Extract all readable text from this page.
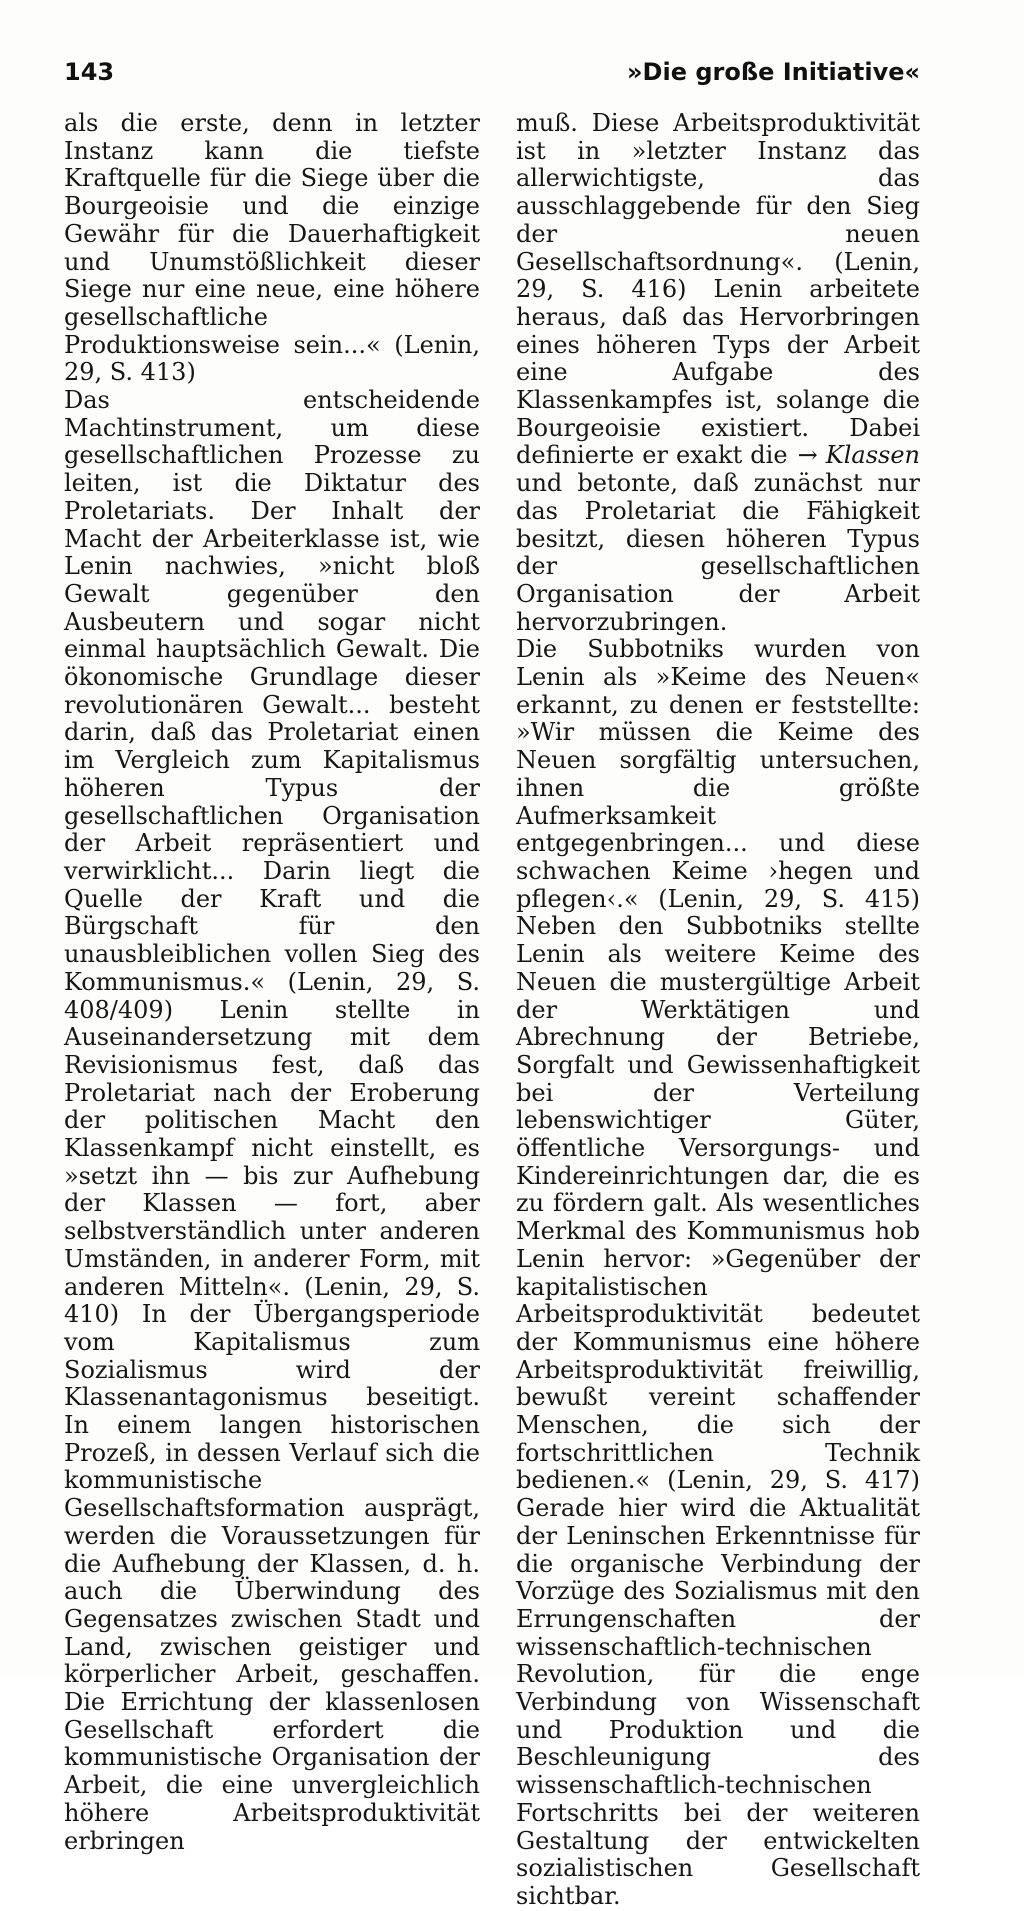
143	»Die große Initiative«

als die erste, denn in letzter Instanz kann die tiefste Kraftquelle für die Siege über die Bourgeoisie und die einzige Gewähr für die Dauerhaftigkeit und Unumstößlichkeit dieser Siege nur eine neue, eine höhere gesellschaftliche Produktionsweise sein...« (Lenin, 29, S. 413)

Das entscheidende Machtinstrument, um diese gesellschaftlichen Prozesse zu leiten, ist die Diktatur des Proletariats. Der Inhalt der Macht der Arbeiterklasse ist, wie Lenin nachwies, »nicht bloß Gewalt gegenüber den Ausbeutern und sogar nicht einmal hauptsächlich Gewalt. Die ökonomische Grundlage dieser revolutionären Gewalt... besteht darin, daß das Proletariat einen im Vergleich zum Kapitalismus höheren Typus der gesellschaftlichen Organisation der Arbeit repräsentiert und verwirklicht... Darin liegt die Quelle der Kraft und die Bürgschaft für den unausbleiblichen vollen Sieg des Kommunismus.« (Lenin, 29, S. 408/409) Lenin stellte in Auseinandersetzung mit dem Revisionismus fest, daß das Proletariat nach der Eroberung der politischen Macht den Klassenkampf nicht einstellt, es »setzt ihn — bis zur Aufhebung der Klassen — fort, aber selbstverständlich unter anderen Umständen, in anderer Form, mit anderen Mitteln«. (Lenin, 29, S. 410) In der Übergangsperiode vom Kapitalismus zum Sozialismus wird der Klassenantagonismus beseitigt. In einem langen historischen Prozeß, in dessen Verlauf sich die kommunistische Gesellschaftsformation ausprägt, werden die Voraussetzungen für die Aufhebung der Klassen, d. h. auch die Überwindung des Gegensatzes zwischen Stadt und Land, zwischen geistiger und körperlicher Arbeit, geschaffen. Die Errichtung der klassenlosen Gesellschaft erfordert die kommunistische Organisation der Arbeit, die eine unvergleichlich höhere Arbeitsproduktivität erbringen

muß. Diese Arbeitsproduktivität ist in »letzter Instanz das allerwichtigste, das ausschlaggebende für den Sieg der neuen Gesellschaftsordnung«. (Lenin, 29, S. 416) Lenin arbeitete heraus, daß das Hervorbringen eines höheren Typs der Arbeit eine Aufgabe des Klassenkampfes ist, solange die Bourgeoisie existiert. Dabei definierte er exakt die → Klassen und betonte, daß zunächst nur das Proletariat die Fähigkeit besitzt, diesen höheren Typus der gesellschaftlichen Organisation der Arbeit hervorzubringen.

Die Subbotniks wurden von Lenin als »Keime des Neuen« erkannt, zu denen er feststellte: »Wir müssen die Keime des Neuen sorgfältig untersuchen, ihnen die größte Aufmerksamkeit entgegenbringen... und diese schwachen Keime ›hegen und pflegen‹.« (Lenin, 29, S. 415) Neben den Subbotniks stellte Lenin als weitere Keime des Neuen die mustergültige Arbeit der Werktätigen und Abrechnung der Betriebe, Sorgfalt und Gewissenhaftigkeit bei der Verteilung lebenswichtiger Güter, öffentliche Versorgungs- und Kindereinrichtungen dar, die es zu fördern galt. Als wesentliches Merkmal des Kommunismus hob Lenin hervor: »Gegenüber der kapitalistischen Arbeitsproduktivität bedeutet der Kommunismus eine höhere Arbeitsproduktivität freiwillig, bewußt vereint schaffender Menschen, die sich der fortschrittlichen Technik bedienen.« (Lenin, 29, S. 417) Gerade hier wird die Aktualität der Leninschen Erkenntnisse für die organische Verbindung der Vorzüge des Sozialismus mit den Errungenschaften der wissenschaftlich-technischen Revolution, für die enge Verbindung von Wissenschaft und Produktion und die Beschleunigung des wissenschaftlich-technischen Fortschritts bei der weiteren Gestaltung der entwickelten sozialistischen Gesellschaft sichtbar.
